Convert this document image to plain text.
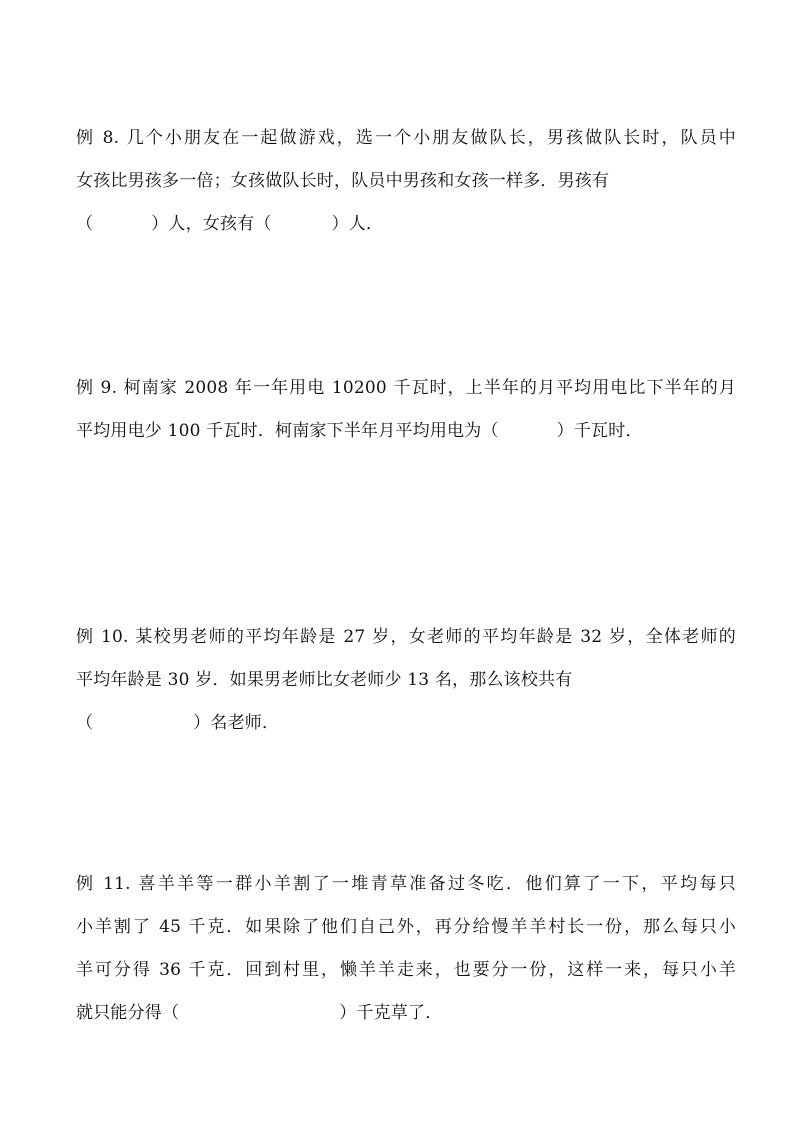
例 8. 几个小朋友在一起做游戏，选一个小朋友做队长，男孩做队长时，队员中
女孩比男孩多一倍；女孩做队长时，队员中男孩和女孩一样多．男孩有
（	）人，女孩有（	）人．
例 9. 柯南家 2008 年一年用电 10200 千瓦时，上半年的月平均用电比下半年的月
平均用电少 100 千瓦时．柯南家下半年月平均用电为（	）千瓦时．
例 10. 某校男老师的平均年龄是 27 岁，女老师的平均年龄是 32 岁，全体老师的
平均年龄是 30 岁．如果男老师比女老师少 13 名，那么该校共有
（	）名老师．
例 11. 喜羊羊等一群小羊割了一堆青草准备过冬吃．他们算了一下，平均每只
小羊割了 45 千克．如果除了他们自己外，再分给慢羊羊村长一份，那么每只小
羊可分得 36 千克．回到村里，懒羊羊走来，也要分一份，这样一来，每只小羊
就只能分得（	）千克草了．
